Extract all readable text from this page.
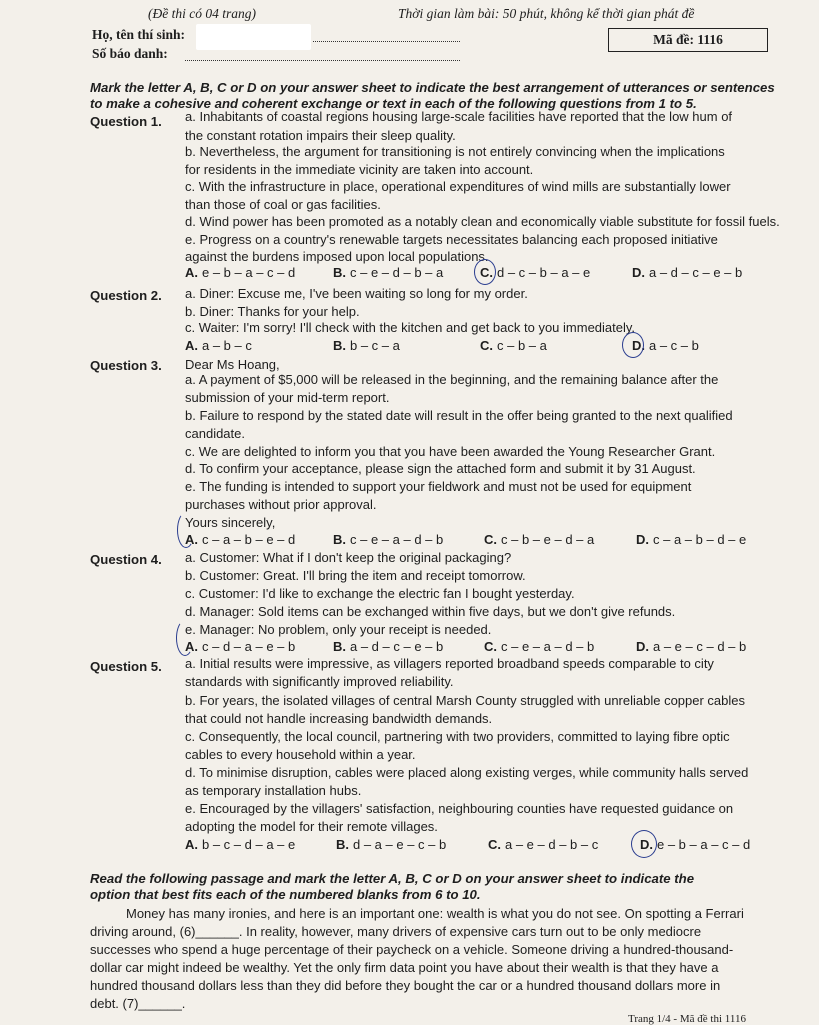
(Đề thi có 04 trang)	Thời gian làm bài: 50 phút, không kể thời gian phát đề
Họ, tên thí sinh:
Số báo danh:
Mã đề: 1116
Mark the letter A, B, C or D on your answer sheet to indicate the best arrangement of utterances or sentences
to make a cohesive and coherent exchange or text in each of the following questions from 1 to 5.
Question 1. a. Inhabitants of coastal regions housing large-scale facilities have reported that the low hum of
the constant rotation impairs their sleep quality.
b. Nevertheless, the argument for transitioning is not entirely convincing when the implications
for residents in the immediate vicinity are taken into account.
c. With the infrastructure in place, operational expenditures of wind mills are substantially lower
than those of coal or gas facilities.
d. Wind power has been promoted as a notably clean and economically viable substitute for fossil fuels.
e. Progress on a country's renewable targets necessitates balancing each proposed initiative
against the burdens imposed upon local populations.
A. e – b – a – c – d	B. c – e – d – b – a	C. d – c – b – a – e	D. a – d – c – e – b
Question 2. a. Diner: Excuse me, I've been waiting so long for my order.
b. Diner: Thanks for your help.
c. Waiter: I'm sorry! I'll check with the kitchen and get back to you immediately.
A. a – b – c	B. b – c – a	C. c – b – a	D. a – c – b
Question 3. Dear Ms Hoang,
a. A payment of $5,000 will be released in the beginning, and the remaining balance after the
submission of your mid-term report.
b. Failure to respond by the stated date will result in the offer being granted to the next qualified
candidate.
c. We are delighted to inform you that you have been awarded the Young Researcher Grant.
d. To confirm your acceptance, please sign the attached form and submit it by 31 August.
e. The funding is intended to support your fieldwork and must not be used for equipment
purchases without prior approval.
Yours sincerely,
A. c – a – b – e – d	B. c – e – a – d – b	C. c – b – e – d – a	D. c – a – b – d – e
Question 4. a. Customer: What if I don't keep the original packaging?
b. Customer: Great. I'll bring the item and receipt tomorrow.
c. Customer: I'd like to exchange the electric fan I bought yesterday.
d. Manager: Sold items can be exchanged within five days, but we don't give refunds.
e. Manager: No problem, only your receipt is needed.
A. c – d – a – e – b	B. a – d – c – e – b	C. c – e – a – d – b	D. a – e – c – d – b
Question 5. a. Initial results were impressive, as villagers reported broadband speeds comparable to city
standards with significantly improved reliability.
b. For years, the isolated villages of central Marsh County struggled with unreliable copper cables
that could not handle increasing bandwidth demands.
c. Consequently, the local council, partnering with two providers, committed to laying fibre optic
cables to every household within a year.
d. To minimise disruption, cables were placed along existing verges, while community halls served
as temporary installation hubs.
e. Encouraged by the villagers' satisfaction, neighbouring counties have requested guidance on
adopting the model for their remote villages.
A. b – c – d – a – e	B. d – a – e – c – b	C. a – e – d – b – c	D. e – b – a – c – d
Read the following passage and mark the letter A, B, C or D on your answer sheet to indicate the
option that best fits each of the numbered blanks from 6 to 10.
Money has many ironies, and here is an important one: wealth is what you do not see. On spotting a Ferrari
driving around, (6)______. In reality, however, many drivers of expensive cars turn out to be only mediocre
successes who spend a huge percentage of their paycheck on a vehicle. Someone driving a hundred-thousand-
dollar car might indeed be wealthy. Yet the only firm data point you have about their wealth is that they have a
hundred thousand dollars less than they did before they bought the car or a hundred thousand dollars more in
debt. (7)______.
Trang 1/4 - Mã đề thi 1116
